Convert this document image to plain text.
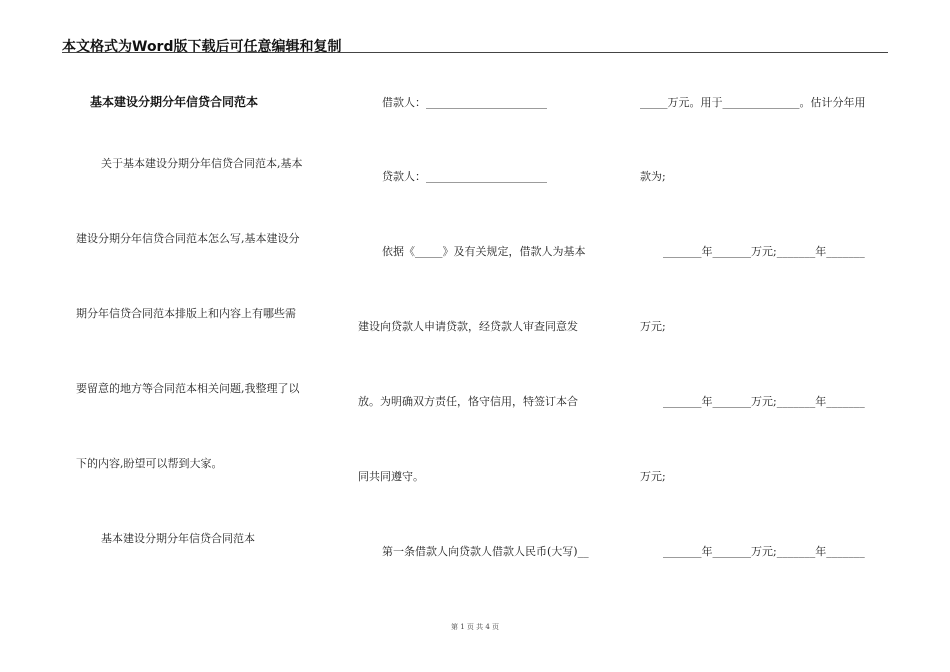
本文格式为Word版下载后可任意编辑和复制
基本建设分期分年信贷合同范本
关于基本建设分期分年信贷合同范本,基本
建设分期分年信贷合同范本怎么写,基本建设分
期分年信贷合同范本排版上和内容上有哪些需
要留意的地方等合同范本相关问题,我整理了以
下的内容,盼望可以帮到大家。
基本建设分期分年信贷合同范本
借款人：______________________
贷款人：______________________
依据《_____》及有关规定，借款人为基本
建设向贷款人申请贷款，经贷款人审查同意发
放。为明确双方责任，恪守信用，特签订本合
同共同遵守。
第一条借款人向贷款人借款人民币(大写)__
_____万元。用于______________。估计分年用
款为;
_______年_______万元;_______年_______
万元;
_______年_______万元;_______年_______
万元;
_______年_______万元;_______年_______
第 1 页 共 4 页
